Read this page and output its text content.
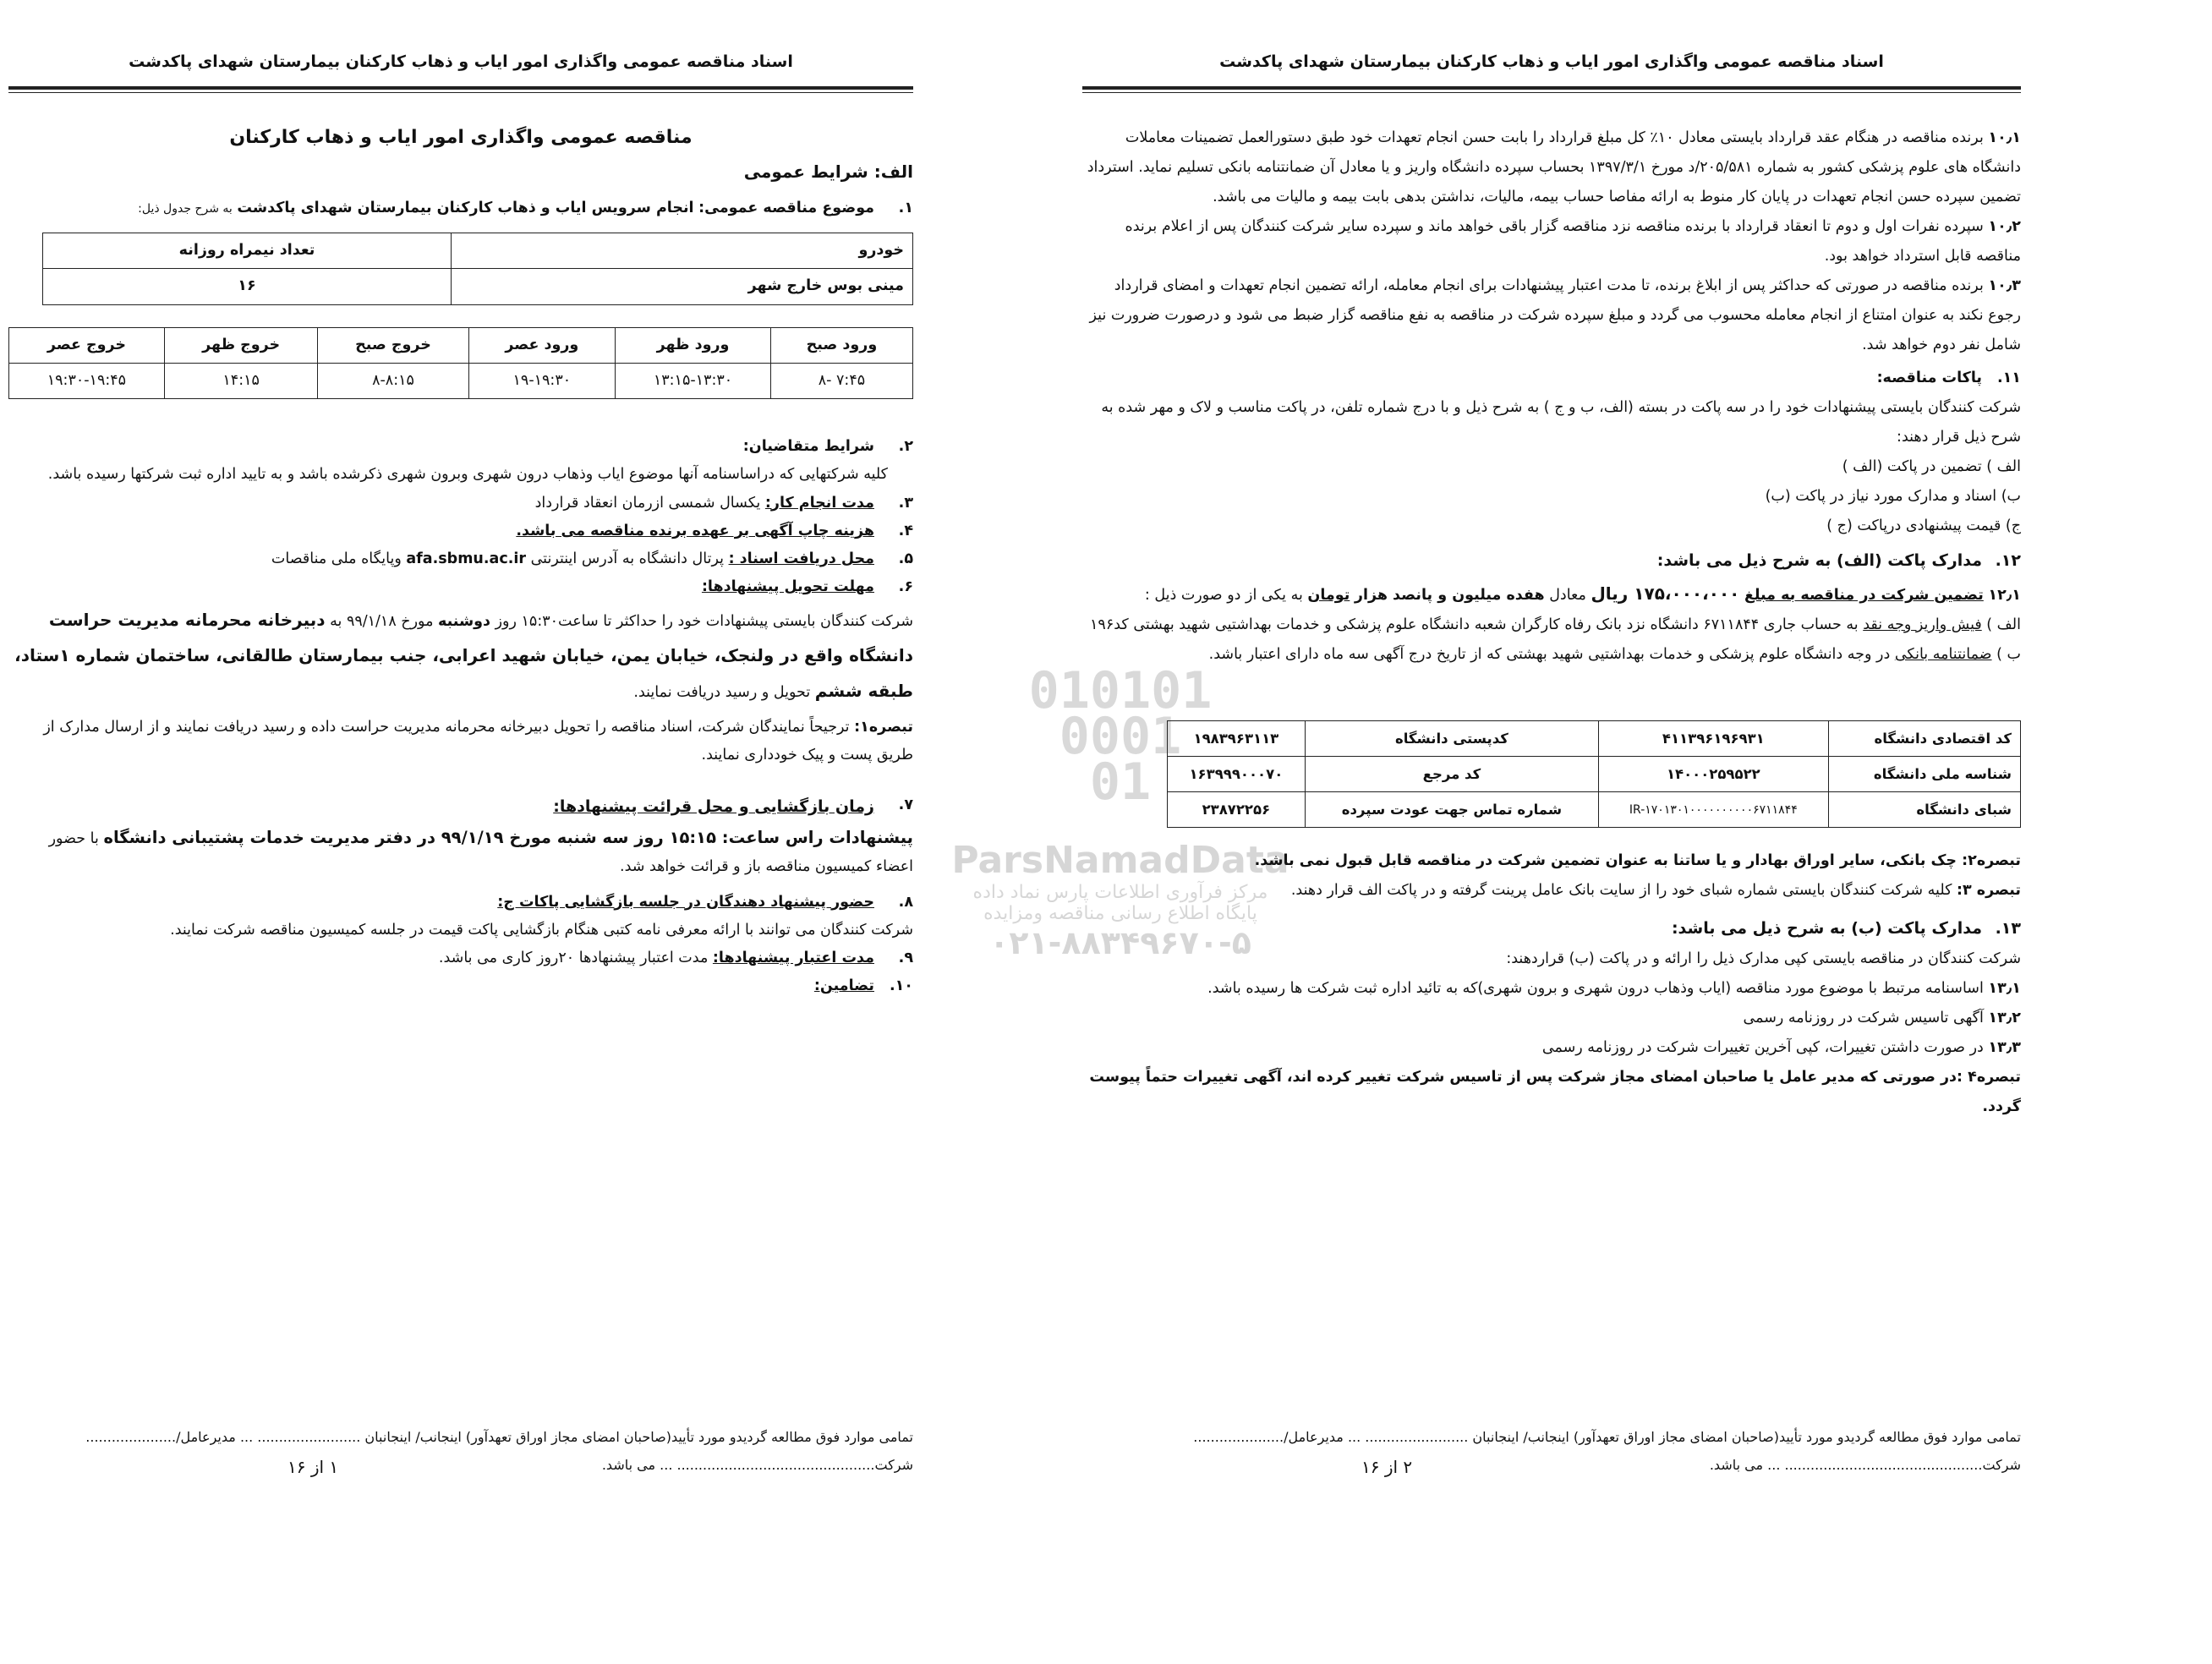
اسناد مناقصه عمومی واگذاری امور ایاب و ذهاب کارکنان بیمارستان شهدای پاکدشت

مناقصه عمومی واگذاری امور ایاب و ذهاب کارکنان

الف: شرایط عمومی

۱.
موضوع مناقصه عمومی: انجام سرویس ایاب و ذهاب کارکنان بیمارستان شهدای پاکدشت به شرح جدول ذیل:

خودرو	تعداد نیمراه روزانه
مینی بوس خارج شهر	۱۶
ورود صبح	ورود ظهر	ورود عصر	خروج صبح	خروج ظهر	خروج عصر
۷:۴۵ -۸	۱۳:۱۵-۱۳:۳۰	۱۹-۱۹:۳۰	۸-۸:۱۵	۱۴:۱۵	۱۹:۳۰-۱۹:۴۵

۲.
شرایط متقاضیان:

کلیه شرکتهایی که دراساسنامه آنها موضوع ایاب وذهاب درون شهری وبرون شهری ذکرشده باشد و به تایید اداره ثبت شرکتها رسیده باشد.

۳.
مدت انجام کار: یکسال شمسی ازرمان انعقاد قرارداد

۴.
هزینه چاپ آگهی بر عهده برنده مناقصه می باشد.

۵.
محل دریافت اسناد : پرتال دانشگاه به آدرس اینترنتی afa.sbmu.ac.ir وپایگاه ملی مناقصات

۶.
مهلت تحویل پیشنهادها:

شرکت کنندگان بایستی پیشنهادات خود را حداکثر تا ساعت۱۵:۳۰ روز دوشنبه مورخ ۹۹/۱/۱۸ به دبیرخانه محرمانه مدیریت حراست دانشگاه واقع در ولنجک، خیابان یمن، خیابان شهید اعرابی، جنب بیمارستان طالقانی، ساختمان شماره ۱ستاد، طبقه ششم تحویل و رسید دریافت نمایند.

تبصره۱: ترجیحاً نمایندگان شرکت، اسناد مناقصه را تحویل دبیرخانه محرمانه مدیریت حراست داده و رسید دریافت نمایند و از ارسال مدارک از طریق پست و پیک خودداری نمایند.

۷.
زمان بازگشایی و محل قرائت پیشنهادها:

پیشنهادات راس ساعت: ۱۵:۱۵ روز سه شنبه مورخ ۹۹/۱/۱۹ در دفتر مدیریت خدمات پشتیبانی دانشگاه با حضور اعضاء کمیسیون مناقصه باز و قرائت خواهد شد.

۸.
حضور پیشنهاد دهندگان در جلسه بازگشایی پاکات ج:

شرکت کنندگان می توانند با ارائه معرفی نامه کتبی هنگام بازگشایی پاکت قیمت در جلسه کمیسیون مناقصه شرکت نمایند.

۹.
مدت اعتبار پیشنهادها: مدت اعتبار پیشنهادها ۲۰روز کاری می باشد.

۱۰.
تضامین:

تمامی موارد فوق مطالعه گردیدو مورد تأیید(صاحبان امضای مجاز اوراق تعهدآور) اینجانب/ اینجانبان ........................ ... مدیرعامل/.....................
شرکت.............................................. ... می باشد.
۱ از ۱۶
اسناد مناقصه عمومی واگذاری امور ایاب و ذهاب کارکنان بیمارستان شهدای پاکدشت

۱۰٫۱ برنده مناقصه در هنگام عقد قرارداد بایستی معادل ۱۰٪ کل مبلغ قرارداد را بابت حسن انجام تعهدات خود طبق دستورالعمل تضمینات معاملات دانشگاه های علوم پزشکی کشور به شماره ۲۰۵/۵۸۱/د مورخ ۱۳۹۷/۳/۱ بحساب سپرده دانشگاه واریز و یا معادل آن ضمانتنامه بانکی تسلیم نماید. استرداد تضمین سپرده حسن انجام تعهدات در پایان کار منوط به ارائه مفاصا حساب بیمه، مالیات، نداشتن بدهی بابت بیمه و مالیات می باشد.

۱۰٫۲ سپرده نفرات اول و دوم تا انعقاد قرارداد با برنده مناقصه نزد مناقصه گزار باقی خواهد ماند و سپرده سایر شرکت کنندگان پس از اعلام برنده مناقصه قابل استرداد خواهد بود.

۱۰٫۳ برنده مناقصه در صورتی که حداکثر پس از ابلاغ برنده، تا مدت اعتبار پیشنهادات برای انجام معامله، ارائه تضمین انجام تعهدات و امضای قرارداد رجوع نکند به عنوان امتناع از انجام معامله محسوب می گردد و مبلغ سپرده شرکت در مناقصه به نفع مناقصه گزار ضبط می شود و درصورت ضرورت نیز شامل نفر دوم خواهد شد.

۱۱.
پاکات مناقصه:

شرکت کنندگان بایستی پیشنهادات خود را در سه پاکت در بسته (الف، ب و ج ) به شرح ذیل و با درج شماره تلفن، در پاکت مناسب و لاک و مهر شده به شرح ذیل قرار دهند:

الف ) تضمین در پاکت (الف )

ب) اسناد و مدارک مورد نیاز در پاکت (ب)

ج) قیمت پیشنهادی درپاکت (ج )

۱۲.
مدارک پاکت (الف) به شرح ذیل می باشد:

۱۲٫۱ تضمین شرکت در مناقصه به مبلغ ۱۷۵،۰۰۰،۰۰۰ ریال معادل هفده میلیون و پانصد هزار تومان به یکی از دو صورت ذیل :

الف ) فیش واریز وجه نقد به حساب جاری ۶۷۱۱۸۴۴ دانشگاه نزد بانک رفاه کارگران شعبه دانشگاه علوم پزشکی و خدمات بهداشتیی شهید بهشتی کد۱۹۶

ب ) ضمانتنامه بانکی در وجه دانشگاه علوم پزشکی و خدمات بهداشتیی شهید بهشتی که از تاریخ درج آگهی سه ماه دارای اعتبار باشد.

کد اقتصادی دانشگاه	۴۱۱۳۹۶۱۹۶۹۳۱	کدپستی دانشگاه	۱۹۸۳۹۶۳۱۱۳
شناسه ملی دانشگاه	۱۴۰۰۰۲۵۹۵۲۲	کد مرجع	۱۶۳۹۹۹۰۰۰۷۰
شبای دانشگاه	IR-۱۷۰۱۳۰۱۰۰۰۰۰۰۰۰۰۰۶۷۱۱۸۴۴	شماره تماس جهت عودت سپرده	۲۳۸۷۲۲۵۶

تبصره۲: چک بانکی، سایر اوراق بهادار و یا ساتنا به عنوان تضمین شرکت در مناقصه قابل قبول نمی باشد.

تبصره ۳: کلیه شرکت کنندگان بایستی شماره شبای خود را از سایت بانک عامل پرینت گرفته و در پاکت الف قرار دهند.

۱۳.
مدارک پاکت (ب) به شرح ذیل می باشد:

شرکت کنندگان در مناقصه بایستی کپی مدارک ذیل را ارائه و در پاکت (ب) قراردهند:

۱۳٫۱ اساسنامه مرتبط با موضوع مورد مناقصه (ایاب وذهاب درون شهری و برون شهری)که به تائید اداره ثبت شرکت ها رسیده باشد.

۱۳٫۲ آگهی تاسیس شرکت در روزنامه رسمی

۱۳٫۳ در صورت داشتن تغییرات، کپی آخرین تغییرات شرکت در روزنامه رسمی

تبصره۴ :در صورتی که مدیر عامل یا صاحبان امضای مجاز شرکت پس از تاسیس شرکت تغییر کرده اند، آگهی تغییرات حتماً پیوست گردد.

تمامی موارد فوق مطالعه گردیدو مورد تأیید(صاحبان امضای مجاز اوراق تعهدآور) اینجانب/ اینجانبان ........................ ... مدیرعامل/.....................
شرکت.............................................. ... می باشد.
۲ از ۱۶
010101
0001
01
ParsNamadData
مرکز فرآوری اطلاعات پارس نماد داده
پایگاه اطلاع رسانی مناقصه ومزایده
۰۲۱-۸۸۳۴۹۶۷۰-۵
